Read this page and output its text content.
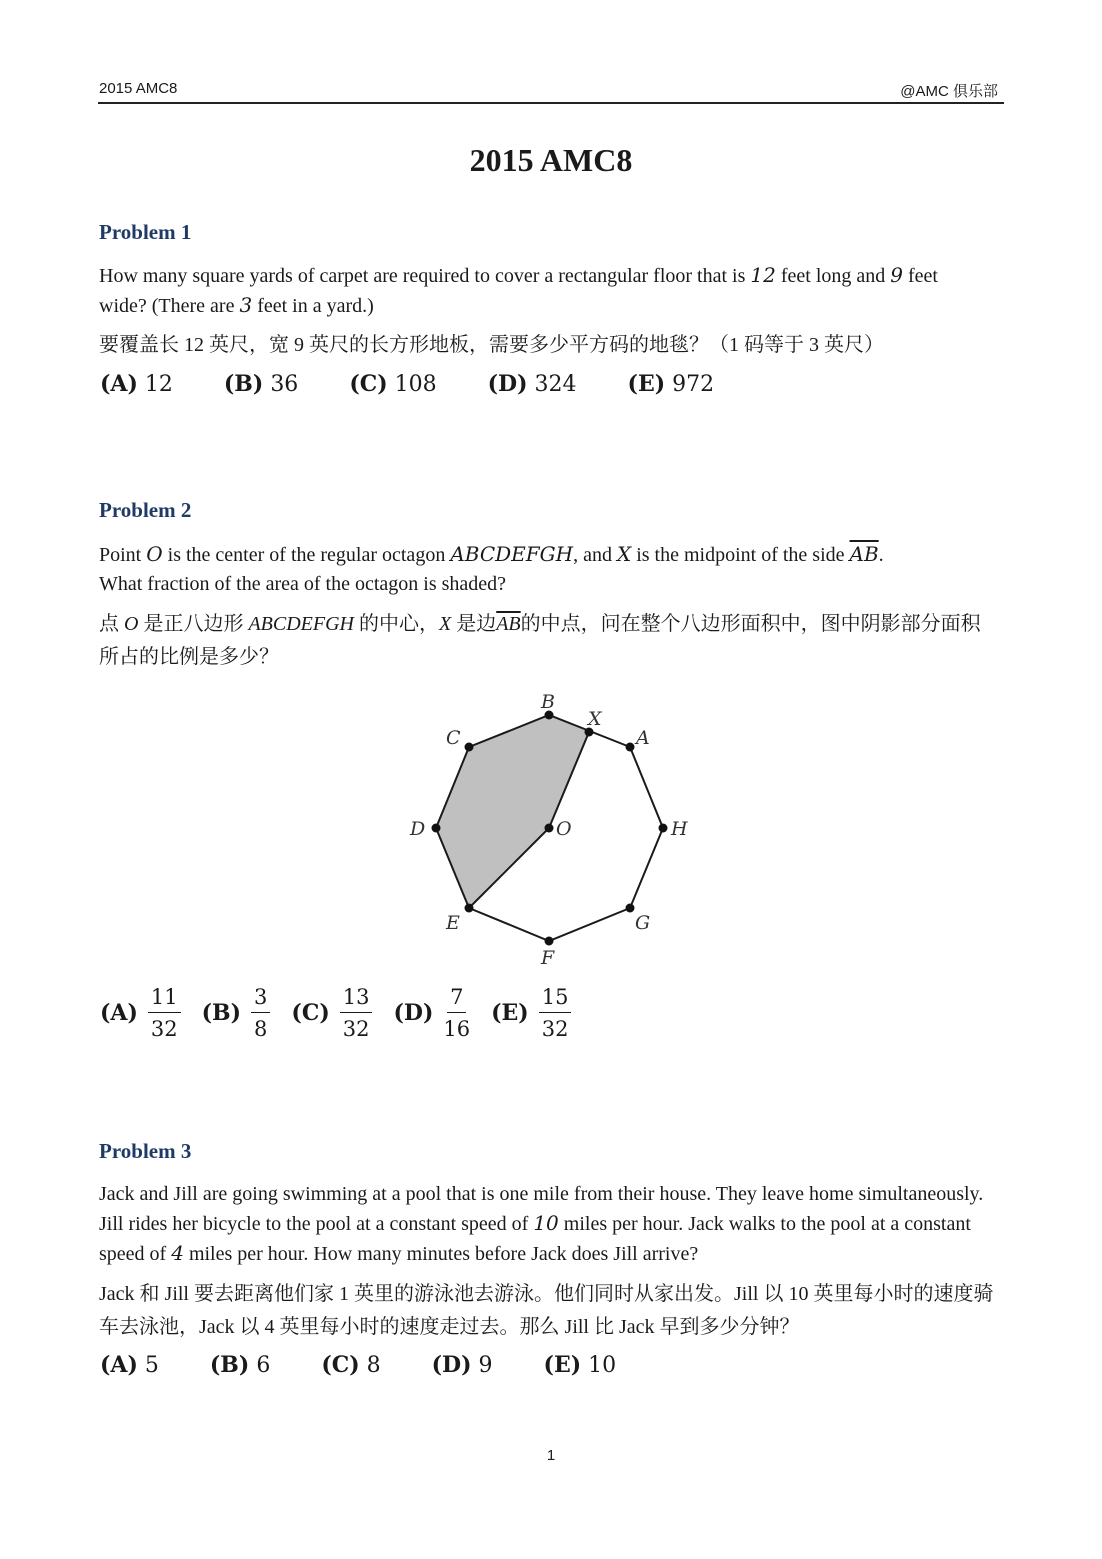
2015 AMC8	@AMC 俱乐部
2015 AMC8
Problem 1
How many square yards of carpet are required to cover a rectangular floor that is 12 feet long and 9 feet wide? (There are 3 feet in a yard.)
要覆盖长 12 英尺，宽 9 英尺的长方形地板，需要多少平方码的地毯？（1 码等于 3 英尺）
(A) 12 (B) 36 (C) 108 (D) 324 (E) 972
Problem 2
Point O is the center of the regular octagon ABCDEFGH, and X is the midpoint of the side $\overline{AB}$. What fraction of the area of the octagon is shaded?
点 O 是正八边形 ABCDEFGH 的中心，X 是边$\overline{AB}$的中点，问在整个八边形面积中，图中阴影部分面积所占的比例是多少？
A
B
C
D
E
F
G
H
O
X
$(A) \frac{11}{32}$
$(B) \frac{3}{8}$
$(C) \frac{13}{32}$
$(D) \frac{7}{16}$
$(E) \frac{15}{32}$
Problem 3
Jack and Jill are going swimming at a pool that is one mile from their house. They leave home simultaneously. Jill rides her bicycle to the pool at a constant speed of 10 miles per hour. Jack walks to the pool at a constant speed of 4 miles per hour. How many minutes before Jack does Jill arrive?
Jack 和 Jill 要去距离他们家 1 英里的游泳池去游泳。他们同时从家出发。Jill 以 10 英里每小时的速度骑车去泳池，Jack 以 4 英里每小时的速度走过去。那么 Jill 比 Jack 早到多少分钟？
(A) 5 (B) 6 (C) 8 (D) 9 (E) 10
1
